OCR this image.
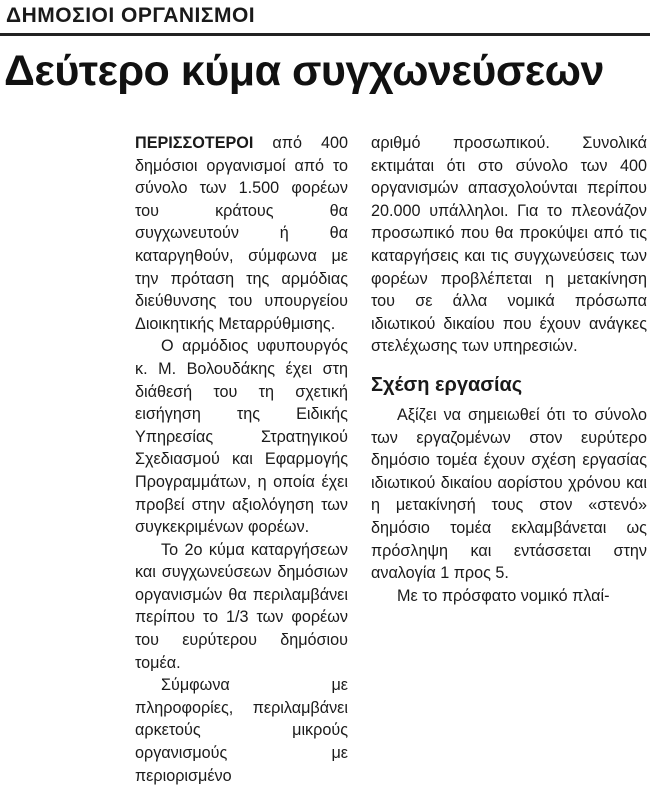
ΔΗΜΟΣΙΟΙ ΟΡΓΑΝΙΣΜΟΙ
Δεύτερο κύμα συγχωνεύσεων

ΠΕΡΙΣΣΟΤΕΡΟΙ από 400 δημόσιοι οργανισμοί από το σύνολο των 1.500 φορέων του κράτους θα συγχωνευτούν ή θα καταργηθούν, σύμφωνα με την πρόταση της αρμόδιας διεύθυνσης του υπουργείου Διοικητικής Μεταρρύθμισης.

Ο αρμόδιος υφυπουργός κ. Μ. Βολουδάκης έχει στη διάθεσή του τη σχετική εισήγηση της Ειδικής Υπηρεσίας Στρατηγικού Σχεδιασμού και Εφαρμογής Προγραμμάτων, η οποία έχει προβεί στην αξιολόγηση των συγκεκριμένων φορέων.

Το 2ο κύμα καταργήσεων και συγχωνεύσεων δημόσιων οργανισμών θα περιλαμβάνει περίπου το 1/3 των φορέων του ευρύτερου δημόσιου τομέα.

Σύμφωνα με πληροφορίες, περιλαμβάνει αρκετούς μικρούς οργανισμούς με περιορισμένο

αριθμό προσωπικού. Συνολικά εκτιμάται ότι στο σύνολο των 400 οργανισμών απασχολούνται περίπου 20.000 υπάλληλοι. Για το πλεονάζον προσωπικό που θα προκύψει από τις καταργήσεις και τις συγχωνεύσεις των φορέων προβλέπεται η μετακίνηση του σε άλλα νομικά πρόσωπα ιδιωτικού δικαίου που έχουν ανάγκες στελέχωσης των υπηρεσιών.

Σχέση εργασίας

Αξίζει να σημειωθεί ότι το σύνολο των εργαζομένων στον ευρύτερο δημόσιο τομέα έχουν σχέση εργασίας ιδιωτικού δικαίου αορίστου χρόνου και η μετακίνησή τους στον «στενό» δημόσιο τομέα εκλαμβάνεται ως πρόσληψη και εντάσσεται στην αναλογία 1 προς 5.

Με το πρόσφατο νομικό πλαί-
